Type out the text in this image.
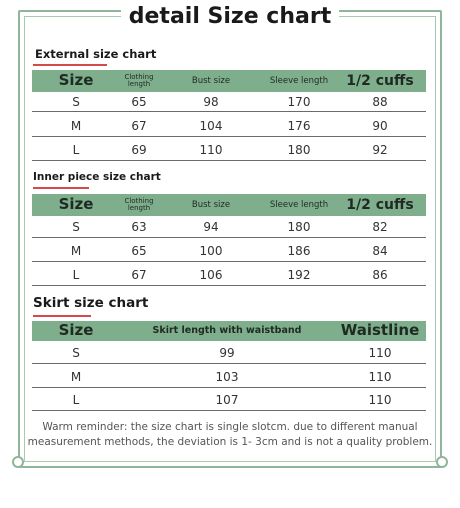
detail Size chart
External size chart
Size	Clothing length	Bust size	Sleeve length	1/2 cuffs
S	65	98	170	88
M	67	104	176	90
L	69	110	180	92
Inner piece size chart
Size	Clothing length	Bust size	Sleeve length	1/2 cuffs
S	63	94	180	82
M	65	100	186	84
L	67	106	192	86
Skirt size chart
Size	Skirt length with waistband	Waistline
S	99	110
M	103	110
L	107	110
Warm reminder: the size chart is single slotcm. due to different manual measurement methods, the deviation is 1- 3cm and is not a quality problem.
